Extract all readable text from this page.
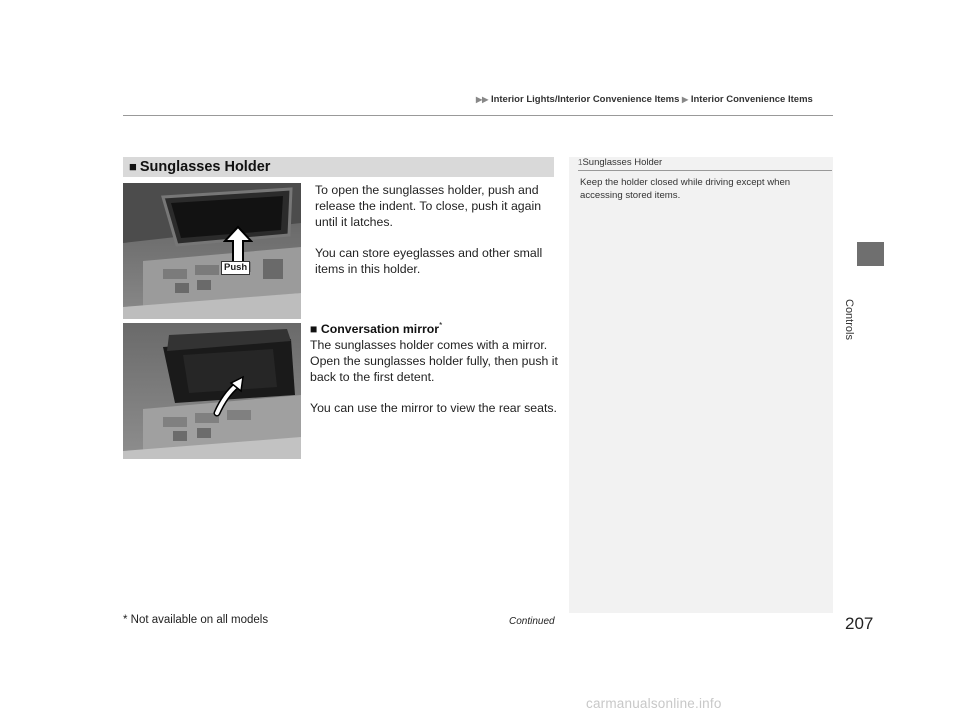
▶▶ Interior Lights/Interior Convenience Items ▶ Interior Convenience Items
Controls
■ Sunglasses Holder
Push
To open the sunglasses holder, push and release the indent. To close, push it again until it latches.
You can store eyeglasses and other small items in this holder.
■ Conversation mirror*
The sunglasses holder comes with a mirror. Open the sunglasses holder fully, then push it back to the first detent.
You can use the mirror to view the rear seats.
1Sunglasses Holder
Keep the holder closed while driving except when accessing stored items.
* Not available on all models	Continued	207
carmanualsonline.info
